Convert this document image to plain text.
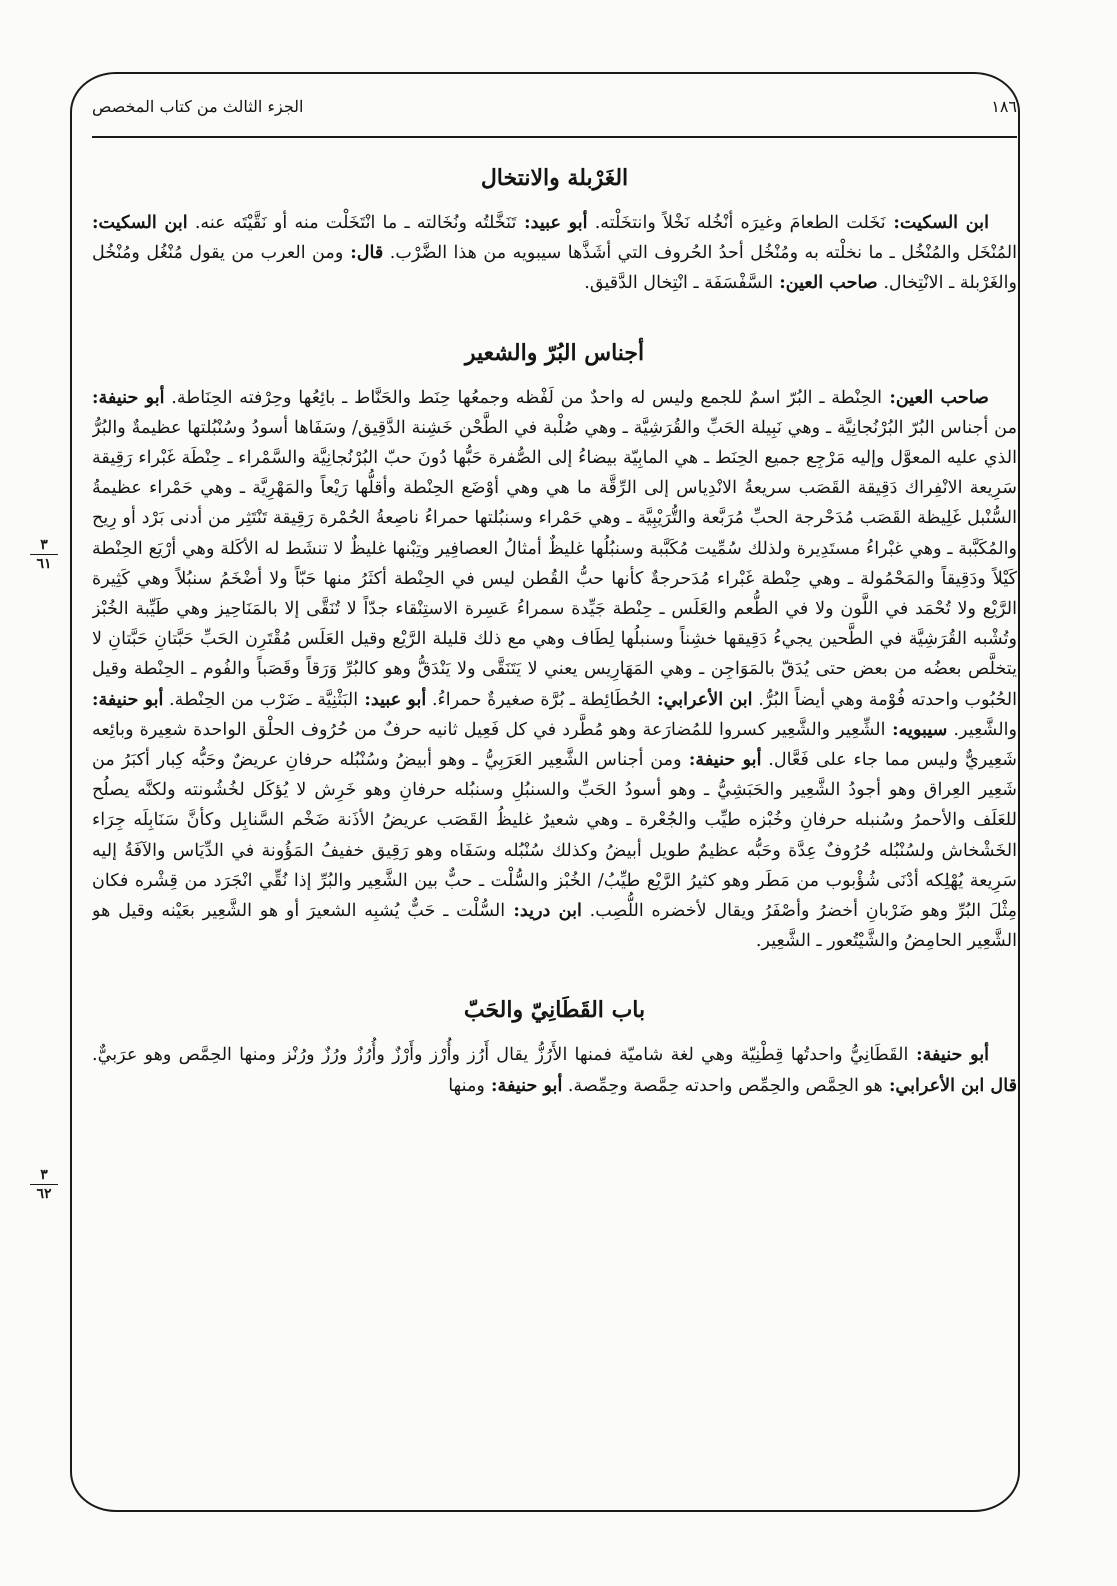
١٨٦
الجزء الثالث من كتاب المخصص
٣
٦١
٣
٦٢
الغَرْبلة والانتخال

ابن السكيت: نَخَلت الطعامَ وغيرَه أنْخُله نَخْلاً وانتخَلْته. أبو عبيد: تَنَخَّلتُه ونُخَالته ـ ما انْتَخَلْت منه أو نَقَّيْتَه عنه. ابن السكيت: المُنْخَل والمُنْخُل ـ ما نخلْته به ومُنْخُل أحدُ الحُروف التي أشَذَّها سيبويه من هذا الضَّرْب. قال: ومن العرب من يقول مُنْغُل ومُنْخُل والغَرْبلة ـ الانْتِخال. صاحب العين: السَّفْسَفَة ـ انْتِخال الدَّقيق.

أجناس البُرّ والشعير

صاحب العين: الحِنْطة ـ البُرّ اسمٌ للجمع وليس له واحدٌ من لَفْظه وجمعُها حِنَط والحَنَّاط ـ بائِعُها وحِرْفته الحِنَاطة. أبو حنيفة: من أجناس البُرّ البُرْنُجانِيَّة ـ وهي نَبِيلة الحَبِّ والقُرَشِيَّة ـ وهي صُلْبة في الطَّحْن خَشِنة الدَّقِيق/ وسَفَاها أسودُ وسُنْبُلتها عظيمةٌ والبُرُّ الذي عليه المعوَّل وإليه مَرْجِع جميع الحِنَط ـ هي المابِيّة بيضاءُ إلى الصُّفرة حَبُّها دُونَ حبّ البُرْنُجانِيَّة والسَّمْراء ـ حِنْطَة غَبْراء رَقِيقة سَرِيعة الانْفِراك دَقِيقة القَصَب سريعةُ الانْدِياس إلى الرِّقَّة ما هي وهي أوْضَع الحِنْطة وأقلُّها رَيْعاً والمَهْرِيَّة ـ وهي حَمْراء عظيمةُ السُّنْبل غَلِيظة القَصَب مُدَحْرجة الحبِّ مُرَبَّعة والتُّرَيْبِيَّة ـ وهي حَمْراء وسنبُلتها حمراءُ ناصِعةُ الحُمْرة رَقِيقة تَنْتَثِر من أدنى بَرْد أو رِيح والمُكَبَّبة ـ وهي غبْراءُ مستَدِيرة ولذلك سُمِّيت مُكَبَّبة وسنبُلُها غليظٌ أمثالُ العصافِير وتِبْنها غليظٌ لا تنشَط له الأكَلة وهي أرْيَع الحِنْطة كَيْلاً ودَقِيقاً والمَحْمُولة ـ وهي حِنْطة غَبْراء مُدَحرجةٌ كأنها حبُّ القُطن ليس في الحِنْطة أكثَرُ منها حَبّاً ولا أضْخَمُ سنبُلاً وهي كَثِيرة الرَّيْع ولا تُحْمَد في اللَّون ولا في الطُّعم والعَلَس ـ حِنْطة جَيِّدة سمراءُ عَسِرة الاستِنْقاء جدّاً لا تُنَقَّى إلا بالمَنَاحِيز وهي طَيِّبة الخُبْز وتُشْبه القُرَشِيَّة في الطَّحين يجيءُ دَقِيقها خشِناً وسنبلُها لِطَاف وهي مع ذلك قليلة الرَّيْع وقيل العَلَس مُقْتَرِن الحَبِّ حَبَّتانِ حَبَّتانِ لا يتخلَّص بعضُه من بعض حتى يُدَقّ بالمَوَاجِن ـ وهي المَهَارِيس يعني لا يَتَنَقَّى ولا يَنْدَقُّ وهو كالبُرِّ وَرَقاً وقَصَباً والفُوم ـ الحِنْطة وقيل الحُبُوب واحدته فُوْمة وهي أيضاً البُرُّ. ابن الأعرابي: الحُطَائِطة ـ بُرَّة صغيرةٌ حمراءُ. أبو عبيد: البَثْنِيَّة ـ ضَرْب من الحِنْطة. أبو حنيفة: والشَّعِير. سيبويه: الشِّعِير والشَّعِير كسروا للمُضارَعة وهو مُطَّرد في كل فَعِيل ثانيه حرفٌ من حُرُوف الحلْق الواحدة شعِيرة وبائِعه شَعِيريٌّ وليس مما جاء على فَعَّال. أبو حنيفة: ومن أجناس الشَّعِير العَرَبِيُّ ـ وهو أبيضُ وسُنْبُله حرفانِ عريضٌ وحَبُّه كِبار أكبَرُ من شَعِير العِراق وهو أجودُ الشَّعِير والحَبَشِيُّ ـ وهو أسودُ الحَبِّ والسنبُلِ وسنبُله حرفانِ وهو خَرِش لا يُؤكَل لخُشُونته ولكنَّه يصلُح للعَلَف والأحمرُ وسُنبله حرفانِ وخُبْزه طيِّب والجُعْرة ـ وهي شعيرٌ غليظُ القَصَب عريضُ الأذَنة ضَخْم السَّنابِل وكأنَّ سَنَابِلَه جِرَاء الخَشْخاش ولسُنْبُله حُرُوفٌ عِدَّة وحَبُّه عظيمٌ طويل أبيضُ وكذلك سُنْبُله وسَفَاه وهو رَقِيق خفيفُ المَؤُونة في الدِّيَاس والآفَةُ إليه سَرِيعة يُهْلِكه أدْنَى شُؤْبوب من مَطَر وهو كثيرُ الرَّيْع طيِّبُ/ الخُبْز والسُّلْت ـ حبٌّ بين الشَّعِير والبُرِّ إذا نُقِّي انْجَرَد من قِشْره فكان مِثْلَ البُرِّ وهو ضَرْبانِ أخضرُ وأصْفَرُ ويقال لأخضره اللُّصِب. ابن دريد: السُّلْت ـ حَبٌّ يُشبِه الشعيرَ أو هو الشَّعِير بعَيْنه وقيل هو الشَّعِير الحامِضُ والشَّيْتُعور ـ الشَّعِير.

باب القَطَانِيّ والحَبّ

أبو حنيفة: القَطَانِيُّ واحدتُها قِطْنِيّة وهي لغة شاميّة فمنها الأَرُزُّ يقال أَرُز وأُرْز وأَرْزٌ وأُرُزٌ ورُزٌ ورُنْز ومنها الحِمَّص وهو عرَبيٌّ. قال ابن الأعرابي: هو الحِمَّص والحِمِّص واحدته حِمَّصة وحِمِّصة. أبو حنيفة: ومنها
